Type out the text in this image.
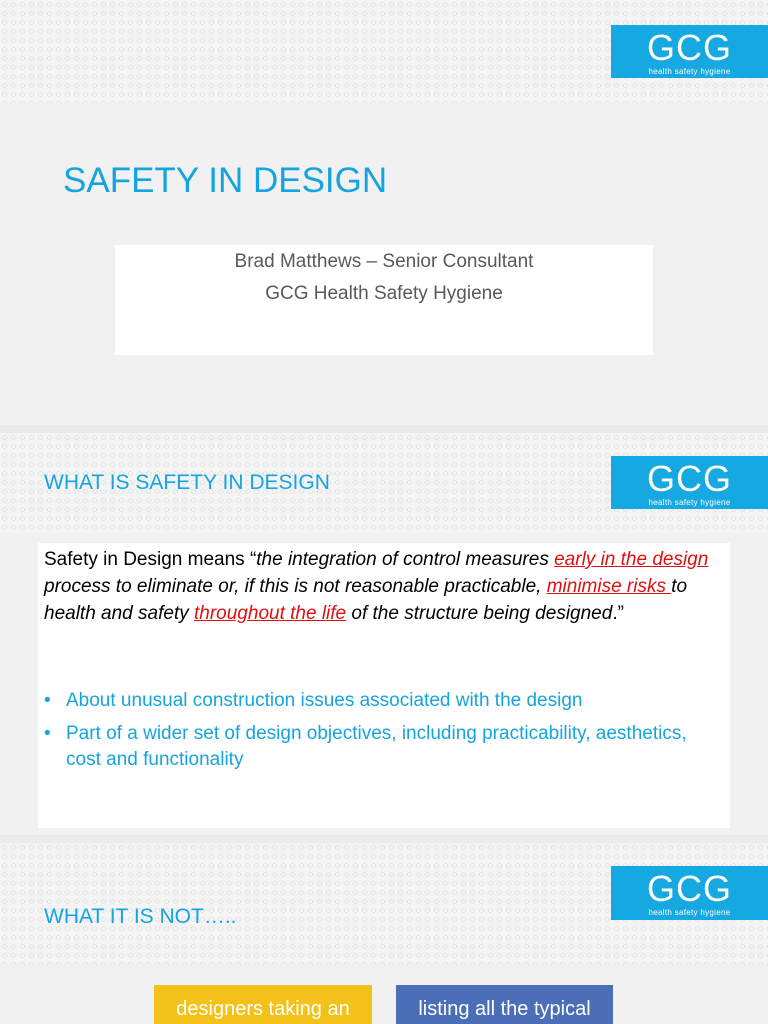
GCG
health safety hygiene
SAFETY IN DESIGN
Brad Matthews – Senior Consultant
GCG Health Safety Hygiene
GCG
health safety hygiene
WHAT IS SAFETY IN DESIGN

Safety in Design means “the integration of control measures early in the design process to eliminate or, if this is not reasonable practicable, minimise risks to health and safety throughout the life of the structure being designed.”

• About unusual construction issues associated with the design
• Part of a wider set of design objectives, including practicability, aesthetics, cost and functionality
GCG
health safety hygiene
WHAT IT IS NOT…..
designers taking an	listing all the typical
